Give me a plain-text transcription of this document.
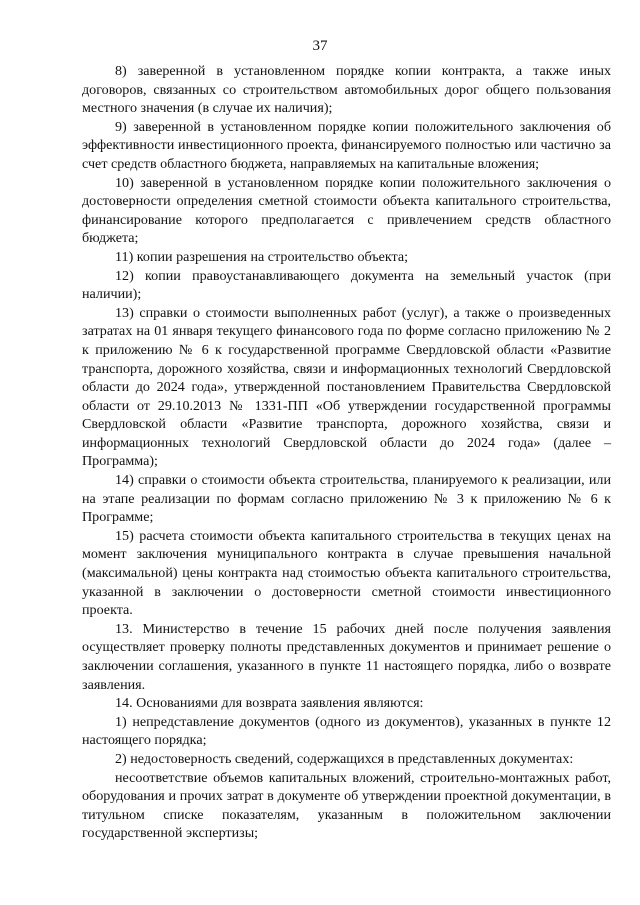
37

8) заверенной в установленном порядке копии контракта, а также иных договоров, связанных со строительством автомобильных дорог общего пользования местного значения (в случае их наличия);

9) заверенной в установленном порядке копии положительного заключения об эффективности инвестиционного проекта, финансируемого полностью или частично за счет средств областного бюджета, направляемых на капитальные вложения;

10) заверенной в установленном порядке копии положительного заключения о достоверности определения сметной стоимости объекта капитального строительства, финансирование которого предполагается с привлечением средств областного бюджета;

11) копии разрешения на строительство объекта;

12) копии правоустанавливающего документа на земельный участок (при наличии);

13) справки о стоимости выполненных работ (услуг), а также о произведенных затратах на 01 января текущего финансового года по форме согласно приложению № 2 к приложению № 6 к государственной программе Свердловской области «Развитие транспорта, дорожного хозяйства, связи и информационных технологий Свердловской области до 2024 года», утвержденной постановлением Правительства Свердловской области от 29.10.2013 № 1331-ПП «Об утверждении государственной программы Свердловской области «Развитие транспорта, дорожного хозяйства, связи и информационных технологий Свердловской области до 2024 года» (далее – Программа);

14) справки о стоимости объекта строительства, планируемого к реализации, или на этапе реализации по формам согласно приложению № 3 к приложению № 6 к Программе;

15) расчета стоимости объекта капитального строительства в текущих ценах на момент заключения муниципального контракта в случае превышения начальной (максимальной) цены контракта над стоимостью объекта капитального строительства, указанной в заключении о достоверности сметной стоимости инвестиционного проекта.

13. Министерство в течение 15 рабочих дней после получения заявления осуществляет проверку полноты представленных документов и принимает решение о заключении соглашения, указанного в пункте 11 настоящего порядка, либо о возврате заявления.

14. Основаниями для возврата заявления являются:

1) непредставление документов (одного из документов), указанных в пункте 12 настоящего порядка;

2) недостоверность сведений, содержащихся в представленных документах:

несоответствие объемов капитальных вложений, строительно-монтажных работ, оборудования и прочих затрат в документе об утверждении проектной документации, в титульном списке показателям, указанным в положительном заключении государственной экспертизы;
